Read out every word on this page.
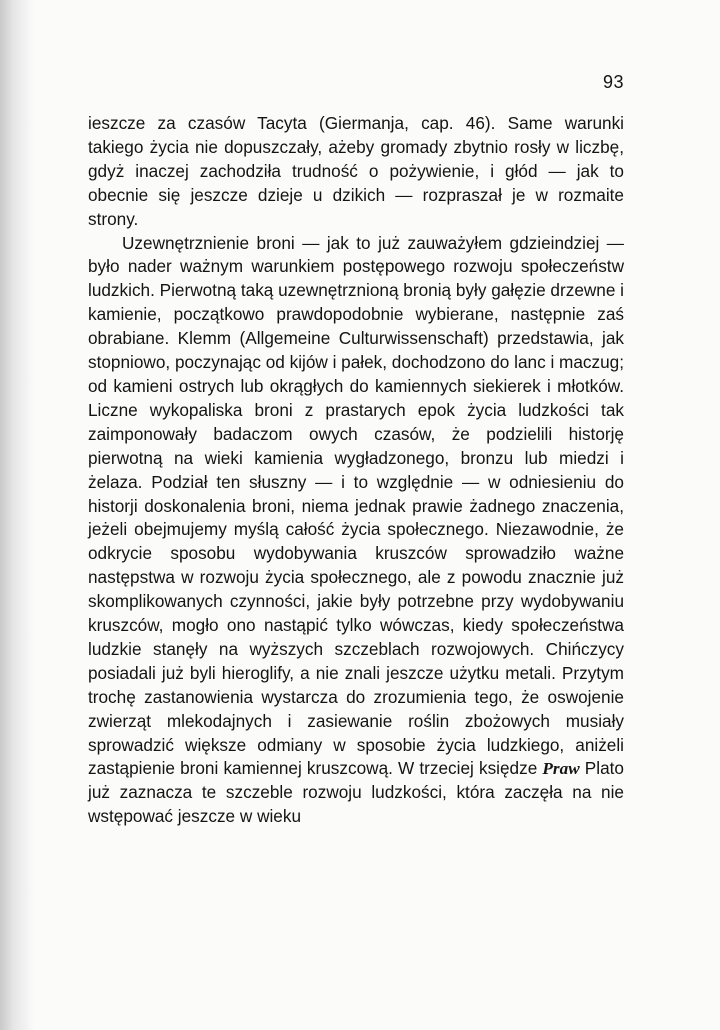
93

ieszcze za czasów Tacyta (Giermanja, cap. 46). Same warunki takiego życia nie dopuszczały, ażeby gromady zbytnio rosły w liczbę, gdyż inaczej zachodziła trudność o pożywienie, i głód — jak to obecnie się jeszcze dzieje u dzikich — rozpraszał je w rozmaite strony.

Uzewnętrznienie broni — jak to już zauważyłem gdzieindziej — było nader ważnym warunkiem postępowego rozwoju społeczeństw ludzkich. Pierwotną taką uzewnętrznioną bronią były gałęzie drzewne i kamienie, początkowo prawdopodobnie wybierane, następnie zaś obrabiane. Klemm (Allgemeine Culturwissenschaft) przedstawia, jak stopniowo, poczynając od kijów i pałek, dochodzono do lanc i maczug; od kamieni ostrych lub okrągłych do kamiennych siekierek i młotków. Liczne wykopaliska broni z prastarych epok życia ludzkości tak zaimponowały badaczom owych czasów, że podzielili historję pierwotną na wieki kamienia wygładzonego, bronzu lub miedzi i żelaza. Podział ten słuszny — i to względnie — w odniesieniu do historji doskonalenia broni, niema jednak prawie żadnego znaczenia, jeżeli obejmujemy myślą całość życia społecznego. Niezawodnie, że odkrycie sposobu wydobywania kruszców sprowadziło ważne następstwa w rozwoju życia społecznego, ale z powodu znacznie już skomplikowanych czynności, jakie były potrzebne przy wydobywaniu kruszców, mogło ono nastąpić tylko wówczas, kiedy społeczeństwa ludzkie stanęły na wyższych szczeblach rozwojowych. Chińczycy posiadali już byli hieroglify, a nie znali jeszcze użytku metali. Przytym trochę zastanowienia wystarcza do zrozumienia tego, że oswojenie zwierząt mlekodajnych i zasiewanie roślin zbożowych musiały sprowadzić większe odmiany w sposobie życia ludzkiego, aniżeli zastąpienie broni kamiennej kruszcową. W trzeciej księdze Praw Plato już zaznacza te szczeble rozwoju ludzkości, która zaczęła na nie wstępować jeszcze w wieku
